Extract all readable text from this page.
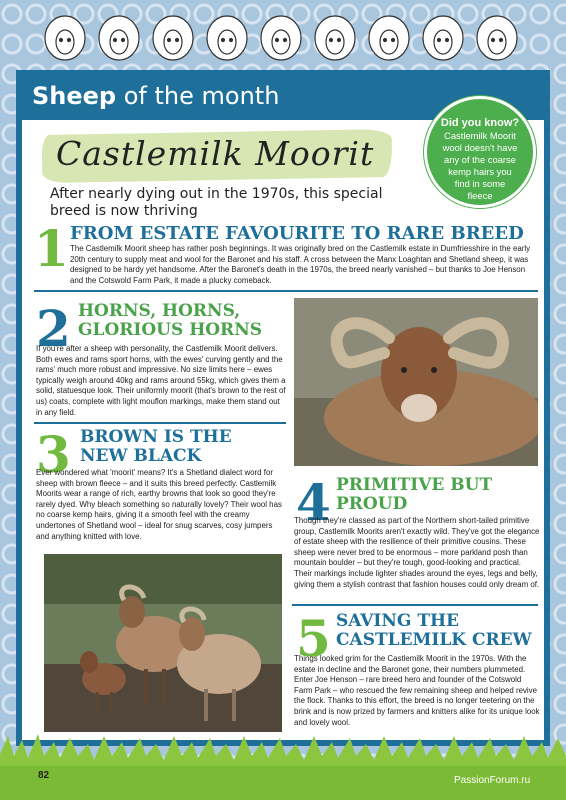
Sheep of the month
Did you know?
Castlemilk Moorit wool doesn't have any of the coarse kemp hairs you find in some fleece
Castlemilk Moorit
After nearly dying out in the 1970s, this special breed is now thriving
1 FROM ESTATE FAVOURITE TO RARE BREED
The Castlemilk Moorit sheep has rather posh beginnings. It was originally bred on the Castlemilk estate in Dumfriesshire in the early 20th century to supply meat and wool for the Baronet and his staff. A cross between the Manx Loaghtan and Shetland sheep, it was designed to be hardy yet handsome. After the Baronet's death in the 1970s, the breed nearly vanished – but thanks to Joe Henson and the Cotswold Farm Park, it made a plucky comeback.
2 HORNS, HORNS, GLORIOUS HORNS
If you're after a sheep with personality, the Castlemilk Moorit delivers. Both ewes and rams sport horns, with the ewes' curving gently and the rams' much more robust and impressive. No size limits here – ewes typically weigh around 40kg and rams around 55kg, which gives them a solid, statuesque look. Their uniformly moorit (that's brown to the rest of us) coats, complete with light mouflon markings, make them stand out in any field.
3 BROWN IS THE NEW BLACK
Ever wondered what 'moorit' means? It's a Shetland dialect word for sheep with brown fleece – and it suits this breed perfectly. Castlemilk Moorits wear a range of rich, earthy browns that look so good they're rarely dyed. Why bleach something so naturally lovely? Their wool has no coarse kemp hairs, giving it a smooth feel with the creamy undertones of Shetland wool – ideal for snug scarves, cosy jumpers and anything knitted with love.
4 PRIMITIVE BUT PROUD
Though they're classed as part of the Northern short-tailed primitive group, Castlemilk Moorits aren't exactly wild. They've got the elegance of estate sheep with the resilience of their primitive cousins. These sheep were never bred to be enormous – more parkland posh than mountain boulder – but they're tough, good-looking and practical. Their markings include lighter shades around the eyes, legs and belly, giving them a stylish contrast that fashion houses could only dream of.
5 SAVING THE CASTLEMILK CREW
Things looked grim for the Castlemilk Moorit in the 1970s. With the estate in decline and the Baronet gone, their numbers plummeted. Enter Joe Henson – rare breed hero and founder of the Cotswold Farm Park – who rescued the few remaining sheep and helped revive the flock. Thanks to this effort, the breed is no longer teetering on the brink and is now prized by farmers and knitters alike for its unique look and lovely wool.
82	PassionForum.ru
